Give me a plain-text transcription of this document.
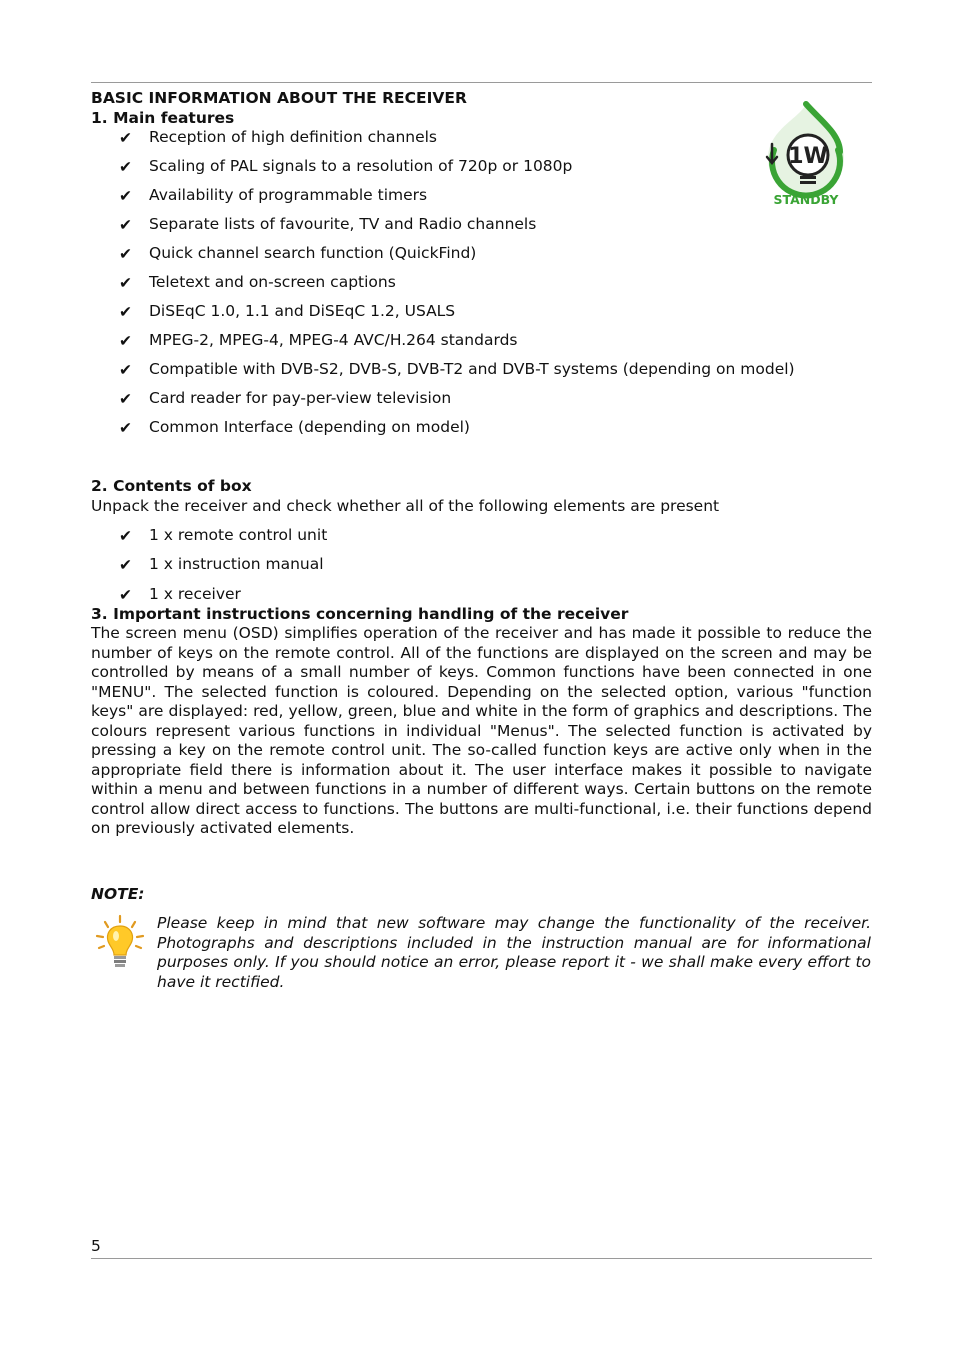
BASIC INFORMATION ABOUT THE RECEIVER

1. Main features

✔ Reception of high definition channels
✔ Scaling of PAL signals to a resolution of 720p or 1080p
✔ Availability of programmable timers
✔ Separate lists of favourite, TV and Radio channels
✔ Quick channel search function (QuickFind)
✔ Teletext and on-screen captions
✔ DiSEqC 1.0, 1.1 and DiSEqC 1.2, USALS
✔ MPEG-2, MPEG-4, MPEG-4 AVC/H.264 standards
✔ Compatible with DVB-S2, DVB-S, DVB-T2 and DVB-T systems (depending on model)
✔ Card reader for pay-per-view television
✔ Common Interface (depending on model)

2. Contents of box

Unpack the receiver and check whether all of the following elements are present

✔ 1 x remote control unit
✔ 1 x instruction manual
✔ 1 x receiver

3. Important instructions concerning handling of the receiver

The screen menu (OSD) simplifies operation of the receiver and has made it possible to reduce the number of keys on the remote control. All of the functions are displayed on the screen and may be controlled by means of a small number of keys. Common functions have been connected in one "MENU". The selected function is coloured. Depending on the selected option, various "function keys" are displayed: red, yellow, green, blue and white in the form of graphics and descriptions. The colours represent various functions in individual "Menus". The selected function is activated by pressing a key on the remote control unit. The so-called function keys are active only when in the appropriate field there is information about it. The user interface makes it possible to navigate within a menu and between functions in a number of different ways. Certain buttons on the remote control allow direct access to functions. The buttons are multi-functional, i.e. their functions depend on previously activated elements.

1W
STANDBY
NOTE:

Please keep in mind that new software may change the functionality of the receiver. Photographs and descriptions included in the instruction manual are for informational purposes only. If you should notice an error, please report it - we shall make every effort to have it rectified.

5
